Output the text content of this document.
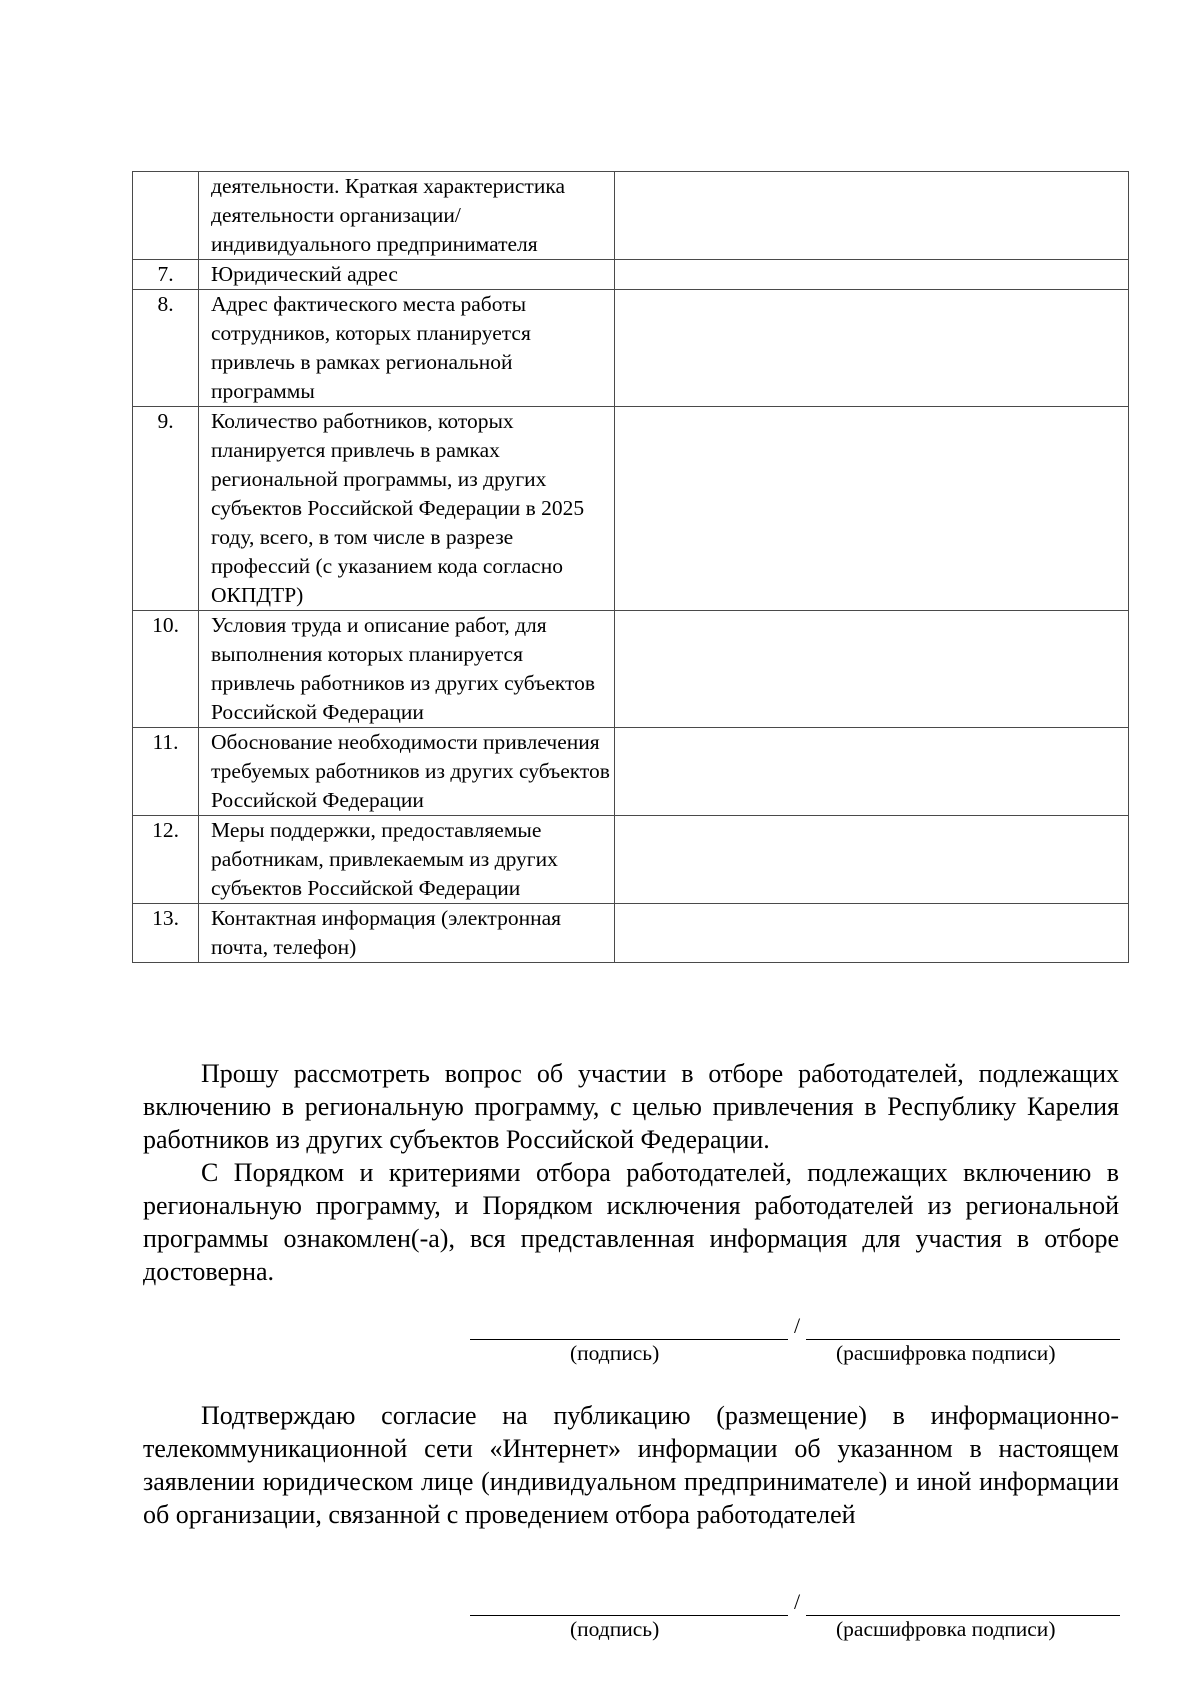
	деятельности. Краткая характеристика деятельности организации/индивидуального предпринимателя	
7.	Юридический адрес	
8.	Адрес фактического места работы сотрудников, которых планируется привлечь в рамках региональной программы	
9.	Количество работников, которых планируется привлечь в рамках региональной программы, из других субъектов Российской Федерации в 2025 году, всего, в том числе в разрезе профессий (с указанием кода согласно ОКПДТР)	
10.	Условия труда и описание работ, для выполнения которых планируется привлечь работников из других субъектов Российской Федерации	
11.	Обоснование необходимости привлечения требуемых работников из других субъектов Российской Федерации	
12.	Меры поддержки, предоставляемые работникам, привлекаемым из других субъектов Российской Федерации	
13.	Контактная информация (электронная почта, телефон)	

Прошу рассмотреть вопрос об участии в отборе работодателей, подлежащих включению в региональную программу, с целью привлечения в Республику Карелия работников из других субъектов Российской Федерации.

С Порядком и критериями отбора работодателей, подлежащих включению в региональную программу, и Порядком исключения работодателей из региональной программы ознакомлен(-а), вся представленная информация для участия в отборе достоверна.

/
(подпись)	(расшифровка подписи)

Подтверждаю согласие на публикацию (размещение) в информационно-телекоммуникационной сети «Интернет» информации об указанном в настоящем заявлении юридическом лице (индивидуальном предпринимателе) и иной информации об организации, связанной с проведением отбора работодателей

/
(подпись)	(расшифровка подписи)
